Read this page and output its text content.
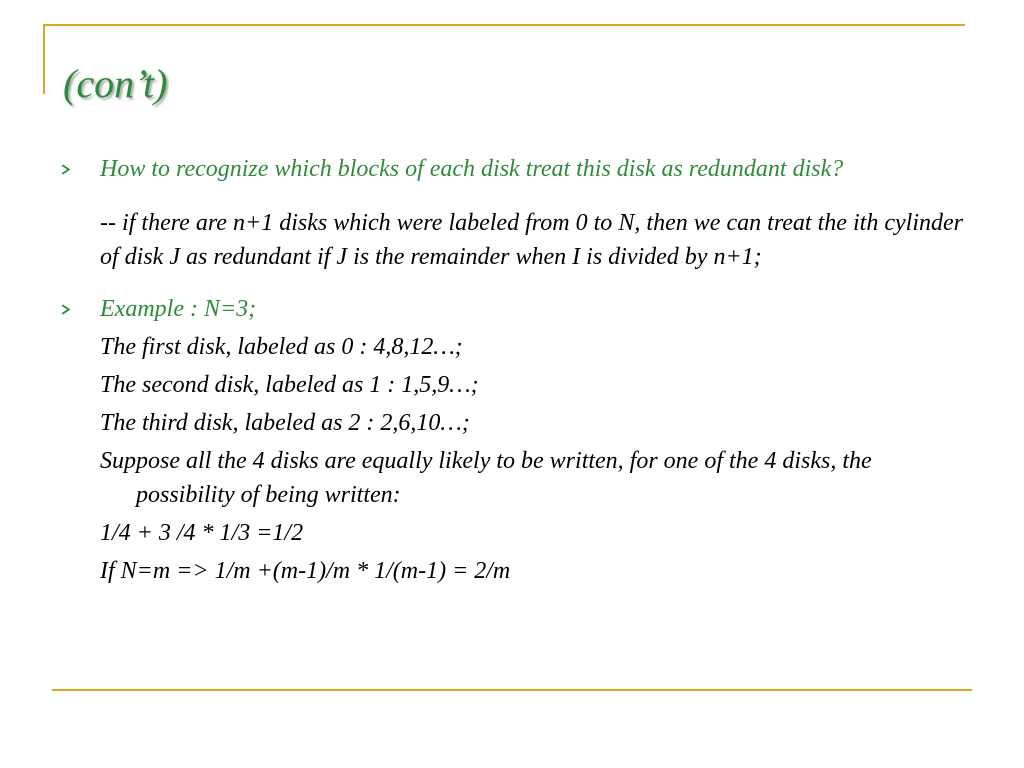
(con’t)

How to recognize which blocks of each disk treat this disk as redundant disk?

-- if there are n+1 disks which were labeled from 0 to N, then we can treat the ith cylinder of disk J as redundant if J is the remainder when I is divided by n+1;

Example : N=3;

The first disk, labeled as 0 : 4,8,12…;

The second disk, labeled as 1 : 1,5,9…;

The third disk, labeled as 2 : 2,6,10…;

Suppose all the 4 disks are equally likely to be written, for one of the 4 disks, the possibility of being written:

1/4 + 3 /4 * 1/3 =1/2

If N=m => 1/m +(m-1)/m * 1/(m-1) = 2/m
